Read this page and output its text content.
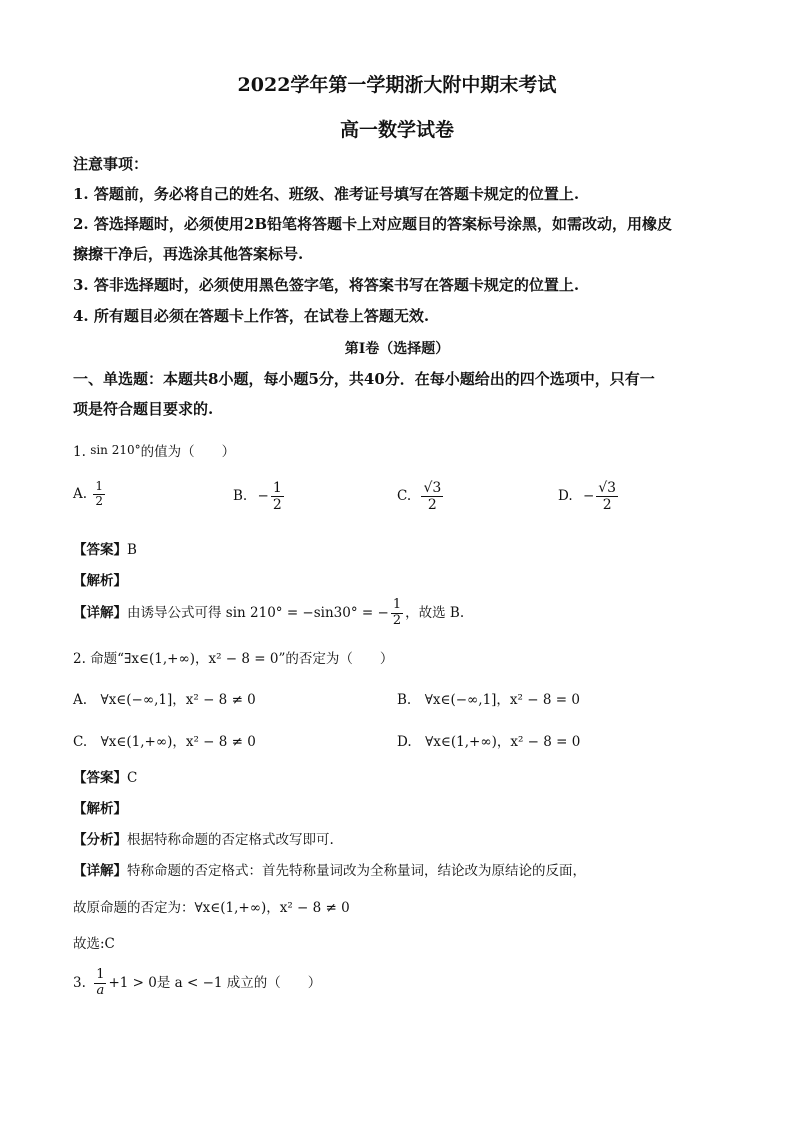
2022学年第一学期浙大附中期末考试
高一数学试卷
注意事项：
1. 答题前，务必将自己的姓名、班级、准考证号填写在答题卡规定的位置上.
2. 答选择题时，必须使用2B铅笔将答题卡上对应题目的答案标号涂黑，如需改动，用橡皮
擦擦干净后，再选涂其他答案标号.
3. 答非选择题时，必须使用黑色签字笔，将答案书写在答题卡规定的位置上.
4. 所有题目必须在答题卡上作答，在试卷上答题无效.
第I卷（选择题）
一、单选题：本题共8小题，每小题5分，共40分．在每小题给出的四个选项中，只有一
项是符合题目要求的.
1. sin 210°的值为（　　）
A. $\frac{1}{2}$	B. − $\frac{1}{2}$	C. $\frac{√3}{2}$	D. − $\frac{√3}{2}$
【答案】B
【解析】
【详解】由诱导公式可得 sin 210° = −sin30° = − $\frac{1}{2}$ ，故选 B.
2. 命题“∃x∈(1,+∞)，x² − 8 = 0”的否定为（　　）
A.　∀x∈(−∞,1]，x² − 8 ≠ 0	B.　∀x∈(−∞,1]，x² − 8 = 0
C.　∀x∈(1,+∞)，x² − 8 ≠ 0	D.　∀x∈(1,+∞)，x² − 8 = 0
【答案】C
【解析】
【分析】根据特称命题的否定格式改写即可.
【详解】特称命题的否定格式：首先特称量词改为全称量词，结论改为原结论的反面，
故原命题的否定为：∀x∈(1,+∞)，x² − 8 ≠ 0
故选:C
3. $\frac{1}{a} +1 > 0$是 a < −1 成立的（　　）
